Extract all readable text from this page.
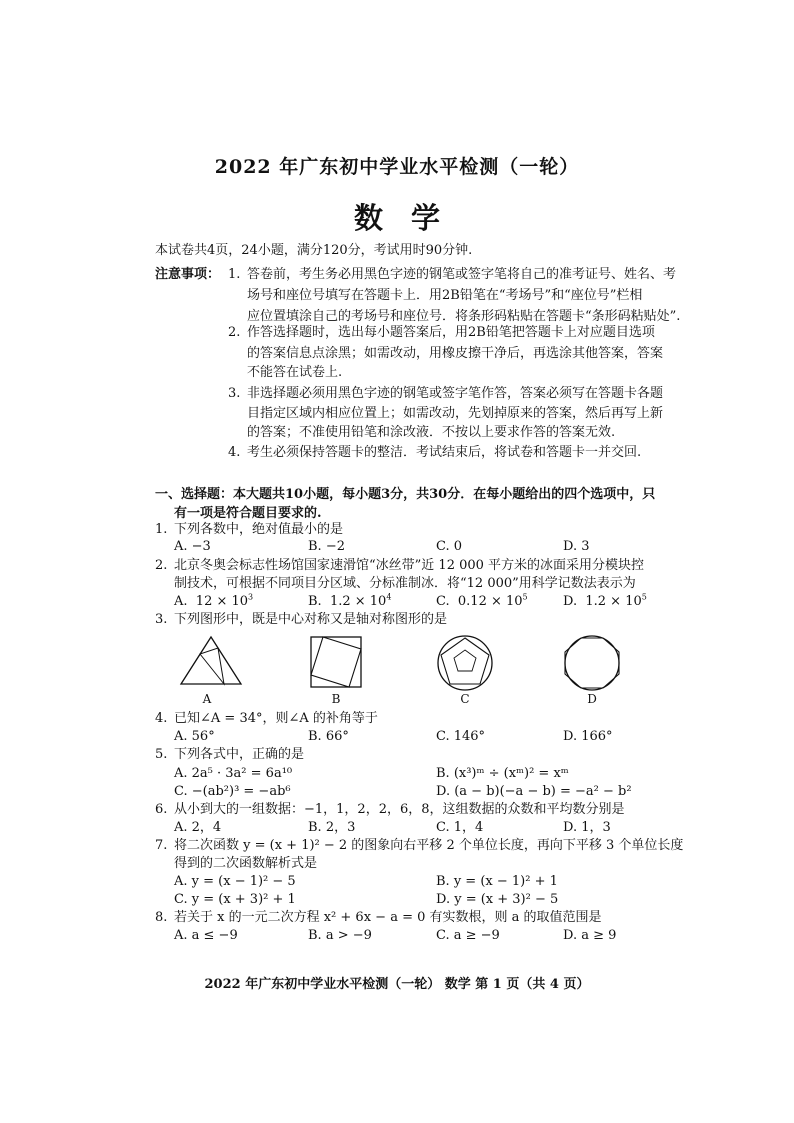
2022 年广东初中学业水平检测（一轮）
数学
本试卷共4页，24小题，满分120分，考试用时90分钟.
注意事项： 1. 答卷前，考生务必用黑色字迹的钢笔或签字笔将自己的准考证号、姓名、考
场号和座位号填写在答题卡上．用2B铅笔在“考场号”和“座位号”栏相
应位置填涂自己的考场号和座位号．将条形码粘贴在答题卡“条形码粘贴处”.
2. 作答选择题时，选出每小题答案后，用2B铅笔把答题卡上对应题目选项
的答案信息点涂黑；如需改动，用橡皮擦干净后，再选涂其他答案，答案
不能答在试卷上.
3. 非选择题必须用黑色字迹的钢笔或签字笔作答，答案必须写在答题卡各题
目指定区域内相应位置上；如需改动，先划掉原来的答案，然后再写上新
的答案；不准使用铅笔和涂改液．不按以上要求作答的答案无效.
4. 考生必须保持答题卡的整洁．考试结束后，将试卷和答题卡一并交回.
一、选择题：本大题共10小题，每小题3分，共30分．在每小题给出的四个选项中，只
有一项是符合题目要求的.
1. 下列各数中，绝对值最小的是
A. −3	B. −2	C. 0	D. 3
2. 北京冬奥会标志性场馆国家速滑馆“冰丝带”近 12 000 平方米的冰面采用分模块控
制技术，可根据不同项目分区域、分标准制冰．将“12 000”用科学记数法表示为
A. $12 \times 10^3$	B. $1.2 \times 10^4$	C. $0.12 \times 10^5$	D. $1.2 \times 10^5$
3. 下列图形中，既是中心对称又是轴对称图形的是
A	B	C	D
4. 已知∠A = 34°，则∠A 的补角等于
A. 56°	B. 66°	C. 146°	D. 166°
5. 下列各式中，正确的是
A. 2a⁵ · 3a² = 6a¹⁰	B. (x³)ᵐ ÷ (xᵐ)² = xᵐ
C. −(ab²)³ = −ab⁶	D. (a − b)(−a − b) = −a² − b²
6. 从小到大的一组数据：−1，1，2，2，6，8，这组数据的众数和平均数分别是
A. 2，4	B. 2，3	C. 1，4	D. 1，3
7. 将二次函数 y = (x + 1)² − 2 的图象向右平移 2 个单位长度，再向下平移 3 个单位长度
得到的二次函数解析式是
A. y = (x − 1)² − 5	B. y = (x − 1)² + 1
C. y = (x + 3)² + 1	D. y = (x + 3)² − 5
8. 若关于 x 的一元二次方程 x² + 6x − a = 0 有实数根，则 a 的取值范围是
A. a ≤ −9	B. a > −9	C. a ≥ −9	D. a ≥ 9
2022 年广东初中学业水平检测（一轮） 数学 第 1 页（共 4 页）
